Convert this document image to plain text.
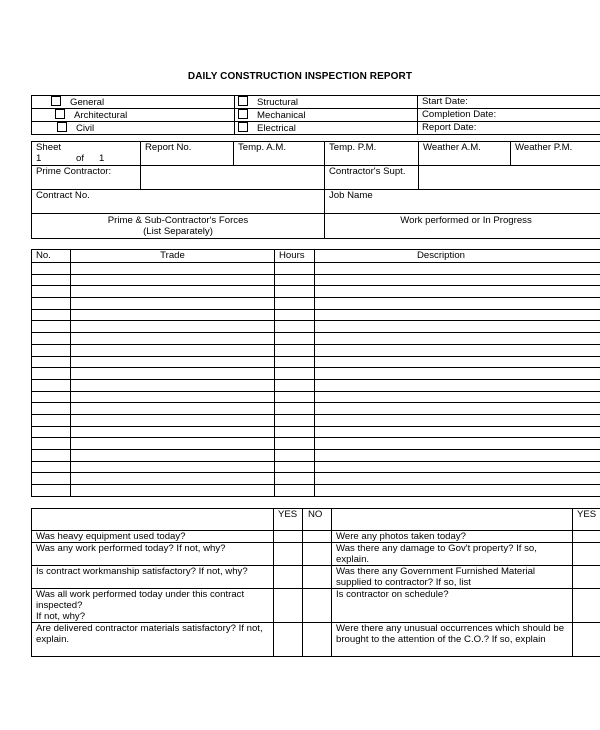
DAILY CONSTRUCTION INSPECTION REPORT
General	Structural	Start Date:
Architectural	Mechanical	Completion Date:
Civil	Electrical	Report Date:
Sheet
1 of 1	Report No.	Temp. A.M.	Temp. P.M.	Weather A.M.	Weather P.M.
Prime Contractor:			Contractor's Supt.		
Contract No.			Job Name		

Prime & Sub-Contractor's Forces
(List Separately)			Work performed or In Progress		
No.	Trade	Hours	Description

	YES	NO		YES
Was heavy equipment used today?			Were any photos taken today?	
Was any work performed today? If not, why?			Was there any damage to Gov't property? If so, explain.	
Is contract workmanship satisfactory? If not, why?			Was there any Government Furnished Material supplied to contractor? If so, list	
Was all work performed today under this contract inspected?
If not, why?			Is contractor on schedule?	
Are delivered contractor materials satisfactory? If not, explain.			Were there any unusual occurrences which should be brought to the attention of the C.O.? If so, explain	
